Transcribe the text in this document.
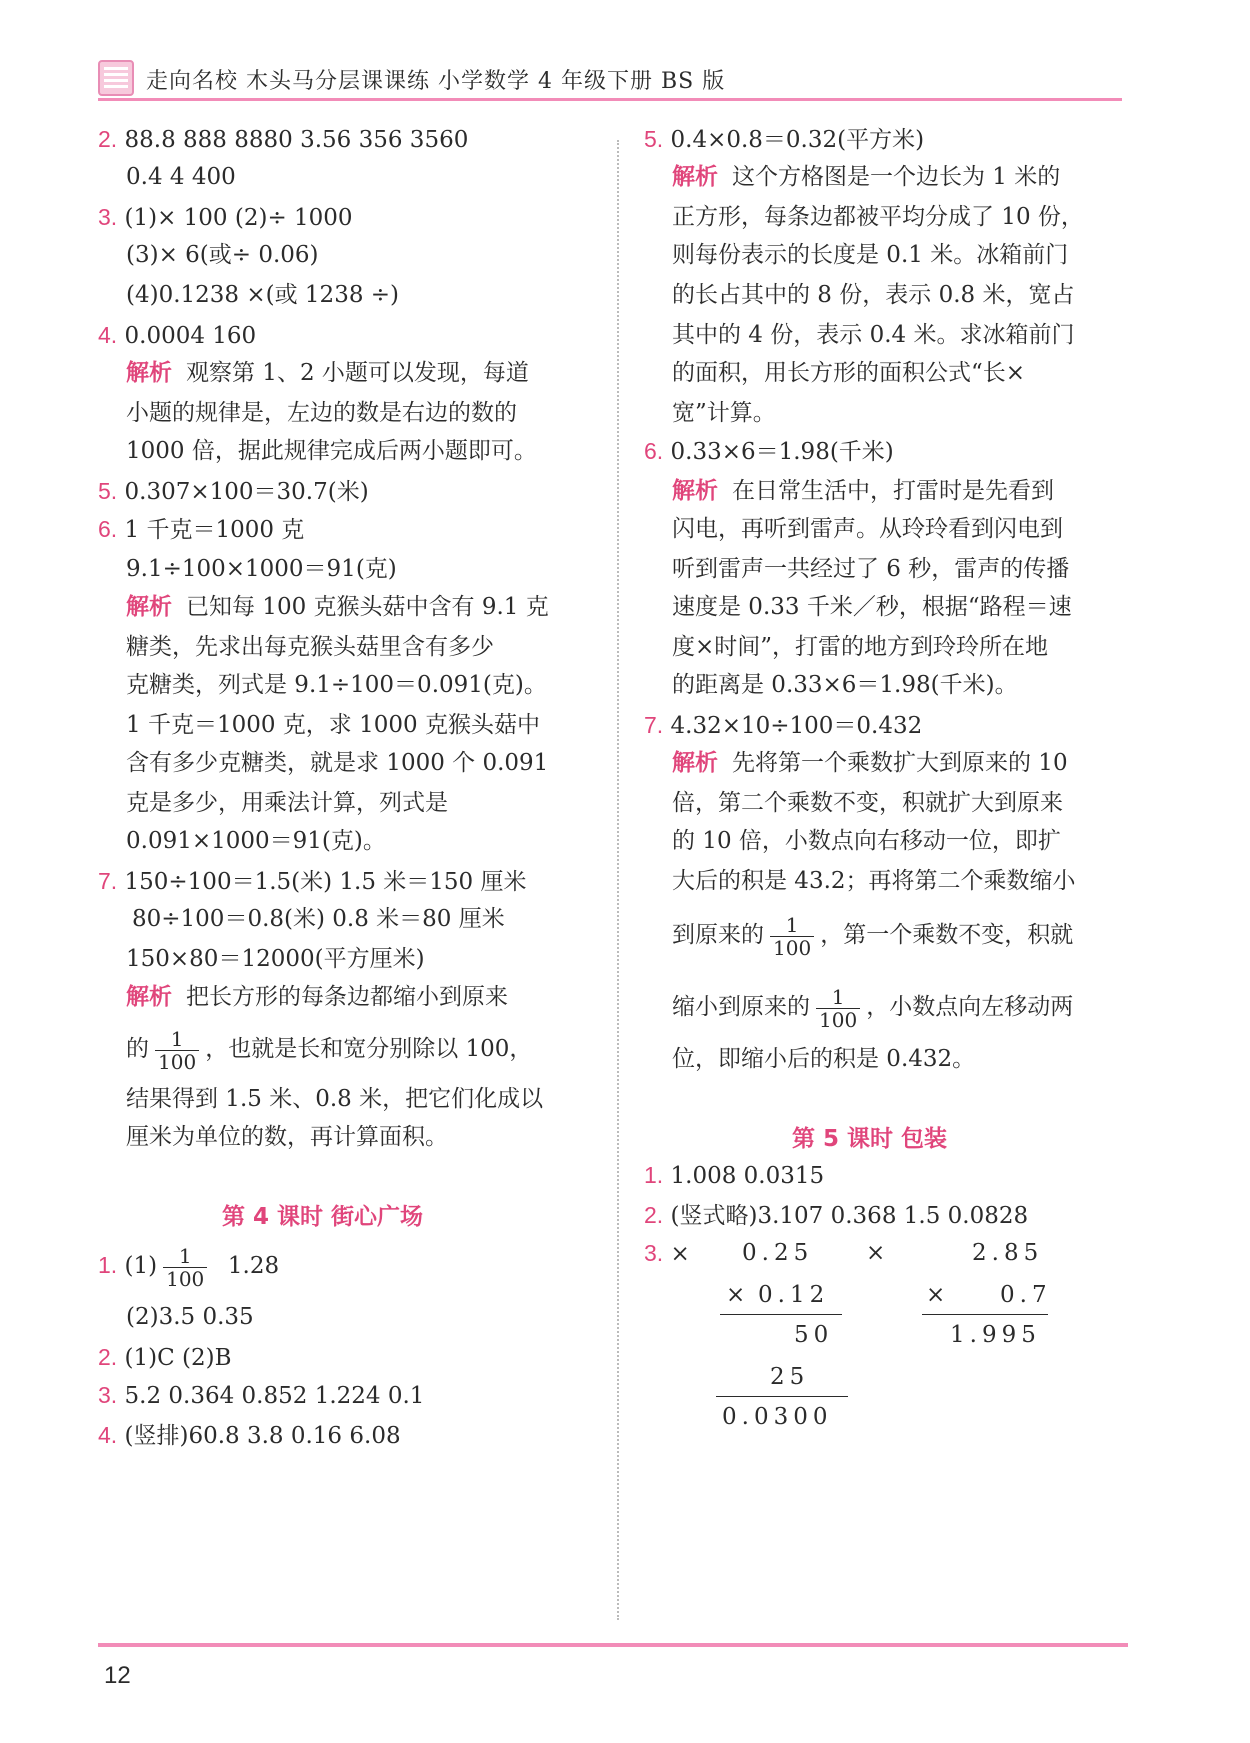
走向名校 木头马分层课课练 小学数学 4 年级下册 BS 版
2. 88.8 888 8880 3.56 356 3560
0.4 4 400
3. (1)× 100 (2)÷ 1000
(3)× 6(或÷ 0.06)
(4)0.1238 ×(或 1238 ÷)
4. 0.0004 160
解析 观察第 1、2 小题可以发现，每道
小题的规律是，左边的数是右边的数的
1000 倍，据此规律完成后两小题即可。
5. 0.307×100＝30.7(米)
6. 1 千克＝1000 克
9.1÷100×1000＝91(克)
解析 已知每 100 克猴头菇中含有 9.1 克
糖类，先求出每克猴头菇里含有多少
克糖类，列式是 9.1÷100＝0.091(克)。
1 千克＝1000 克，求 1000 克猴头菇中
含有多少克糖类，就是求 1000 个 0.091
克是多少，用乘法计算，列式是
0.091×1000＝91(克)。
7. 150÷100＝1.5(米) 1.5 米＝150 厘米
80÷100＝0.8(米) 0.8 米＝80 厘米
150×80＝12000(平方厘米)
解析 把长方形的每条边都缩小到原来
的 $\frac{1}{100}$ ，也就是长和宽分别除以 100，
结果得到 1.5 米、0.8 米，把它们化成以
厘米为单位的数，再计算面积。
第 4 课时 街心广场
1. $(1) \frac{1}{100} 1.28$
(2)3.5 0.35
2. (1)C (2)B
3. 5.2 0.364 0.852 1.224 0.1
4. (竖排)60.8 3.8 0.16 6.08
5. 0.4×0.8＝0.32(平方米)
解析 这个方格图是一个边长为 1 米的
正方形，每条边都被平均分成了 10 份，
则每份表示的长度是 0.1 米。冰箱前门
的长占其中的 8 份，表示 0.8 米，宽占
其中的 4 份，表示 0.4 米。求冰箱前门
的面积，用长方形的面积公式“长×
宽”计算。
6. 0.33×6＝1.98(千米)
解析 在日常生活中，打雷时是先看到
闪电，再听到雷声。从玲玲看到闪电到
听到雷声一共经过了 6 秒，雷声的传播
速度是 0.33 千米／秒，根据“路程＝速
度×时间”，打雷的地方到玲玲所在地
的距离是 0.33×6＝1.98(千米)。
7. 4.32×10÷100＝0.432
解析 先将第一个乘数扩大到原来的 10
倍，第二个乘数不变，积就扩大到原来
的 10 倍，小数点向右移动一位，即扩
大后的积是 43.2；再将第二个乘数缩小
到原来的 $\frac{1}{100}$ ，第一个乘数不变，积就
缩小到原来的 $\frac{1}{100}$ ，小数点向左移动两
位，即缩小后的积是 0.432。
第 5 课时 包装
1. 1.008 0.0315
2. (竖式略)3.107 0.368 1.5 0.0828
3. ×	×
0.25
× 0.12
50
25
0.0300
2.85
× 0.7
1.995
12
